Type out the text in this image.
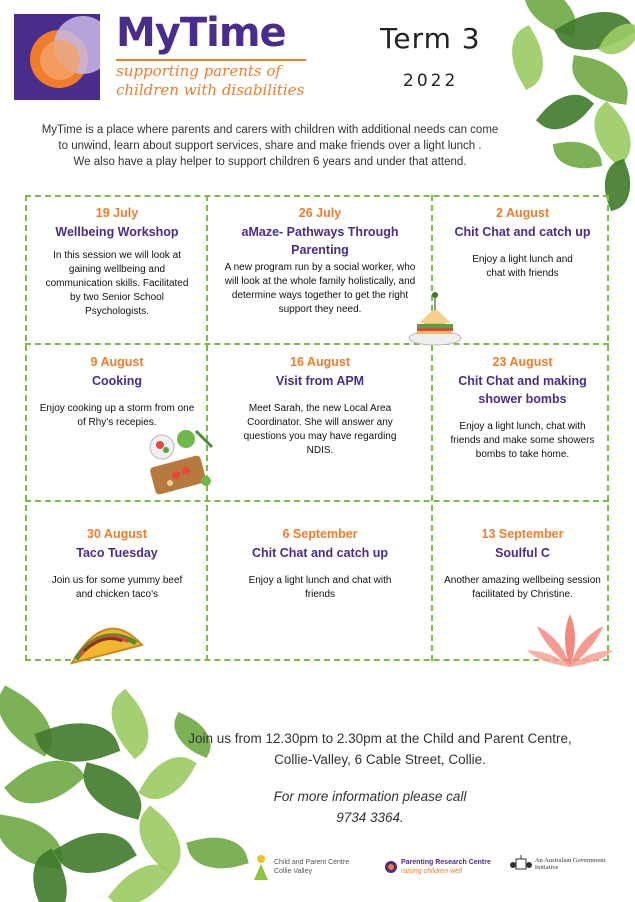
MyTime
supporting parents of
children with disabilities
Term 3
2022
MyTime is a place where parents and carers with children with additional needs can come
to unwind, learn about support services, share and make friends over a light lunch .
We also have a play helper to support children 6 years and under that attend.
19 July
Wellbeing Workshop
In this session we will look at gaining wellbeing and communication skills. Facilitated by two Senior School Psychologists.
26 July
aMaze- Pathways Through Parenting
A new program run by a social worker, who will look at the whole family holistically, and determine ways together to get the right support they need.
2 August
Chit Chat and catch up
Enjoy a light lunch and chat with friends
9 August
Cooking
Enjoy cooking up a storm from one of Rhy's recepies.
16 August
Visit from APM
Meet Sarah, the new Local Area Coordinator. She will answer any questions you may have regarding NDIS.
23 August
Chit Chat and making shower bombs
Enjoy a light lunch, chat with friends and make some showers bombs to take home.
30 August
Taco Tuesday
Join us for some yummy beef and chicken taco's
6 September
Chit Chat and catch up
Enjoy a light lunch and chat with friends
13 September
Soulful C
Another amazing wellbeing session facilitated by Christine.
Join us from 12.30pm to 2.30pm at the Child and Parent Centre,
Collie-Valley, 6 Cable Street, Collie.
For more information please call
9734 3364.
Child and Parent Centre
Collie Valley
Parenting Research Centre
raising children well
An Australian Government Initiative
